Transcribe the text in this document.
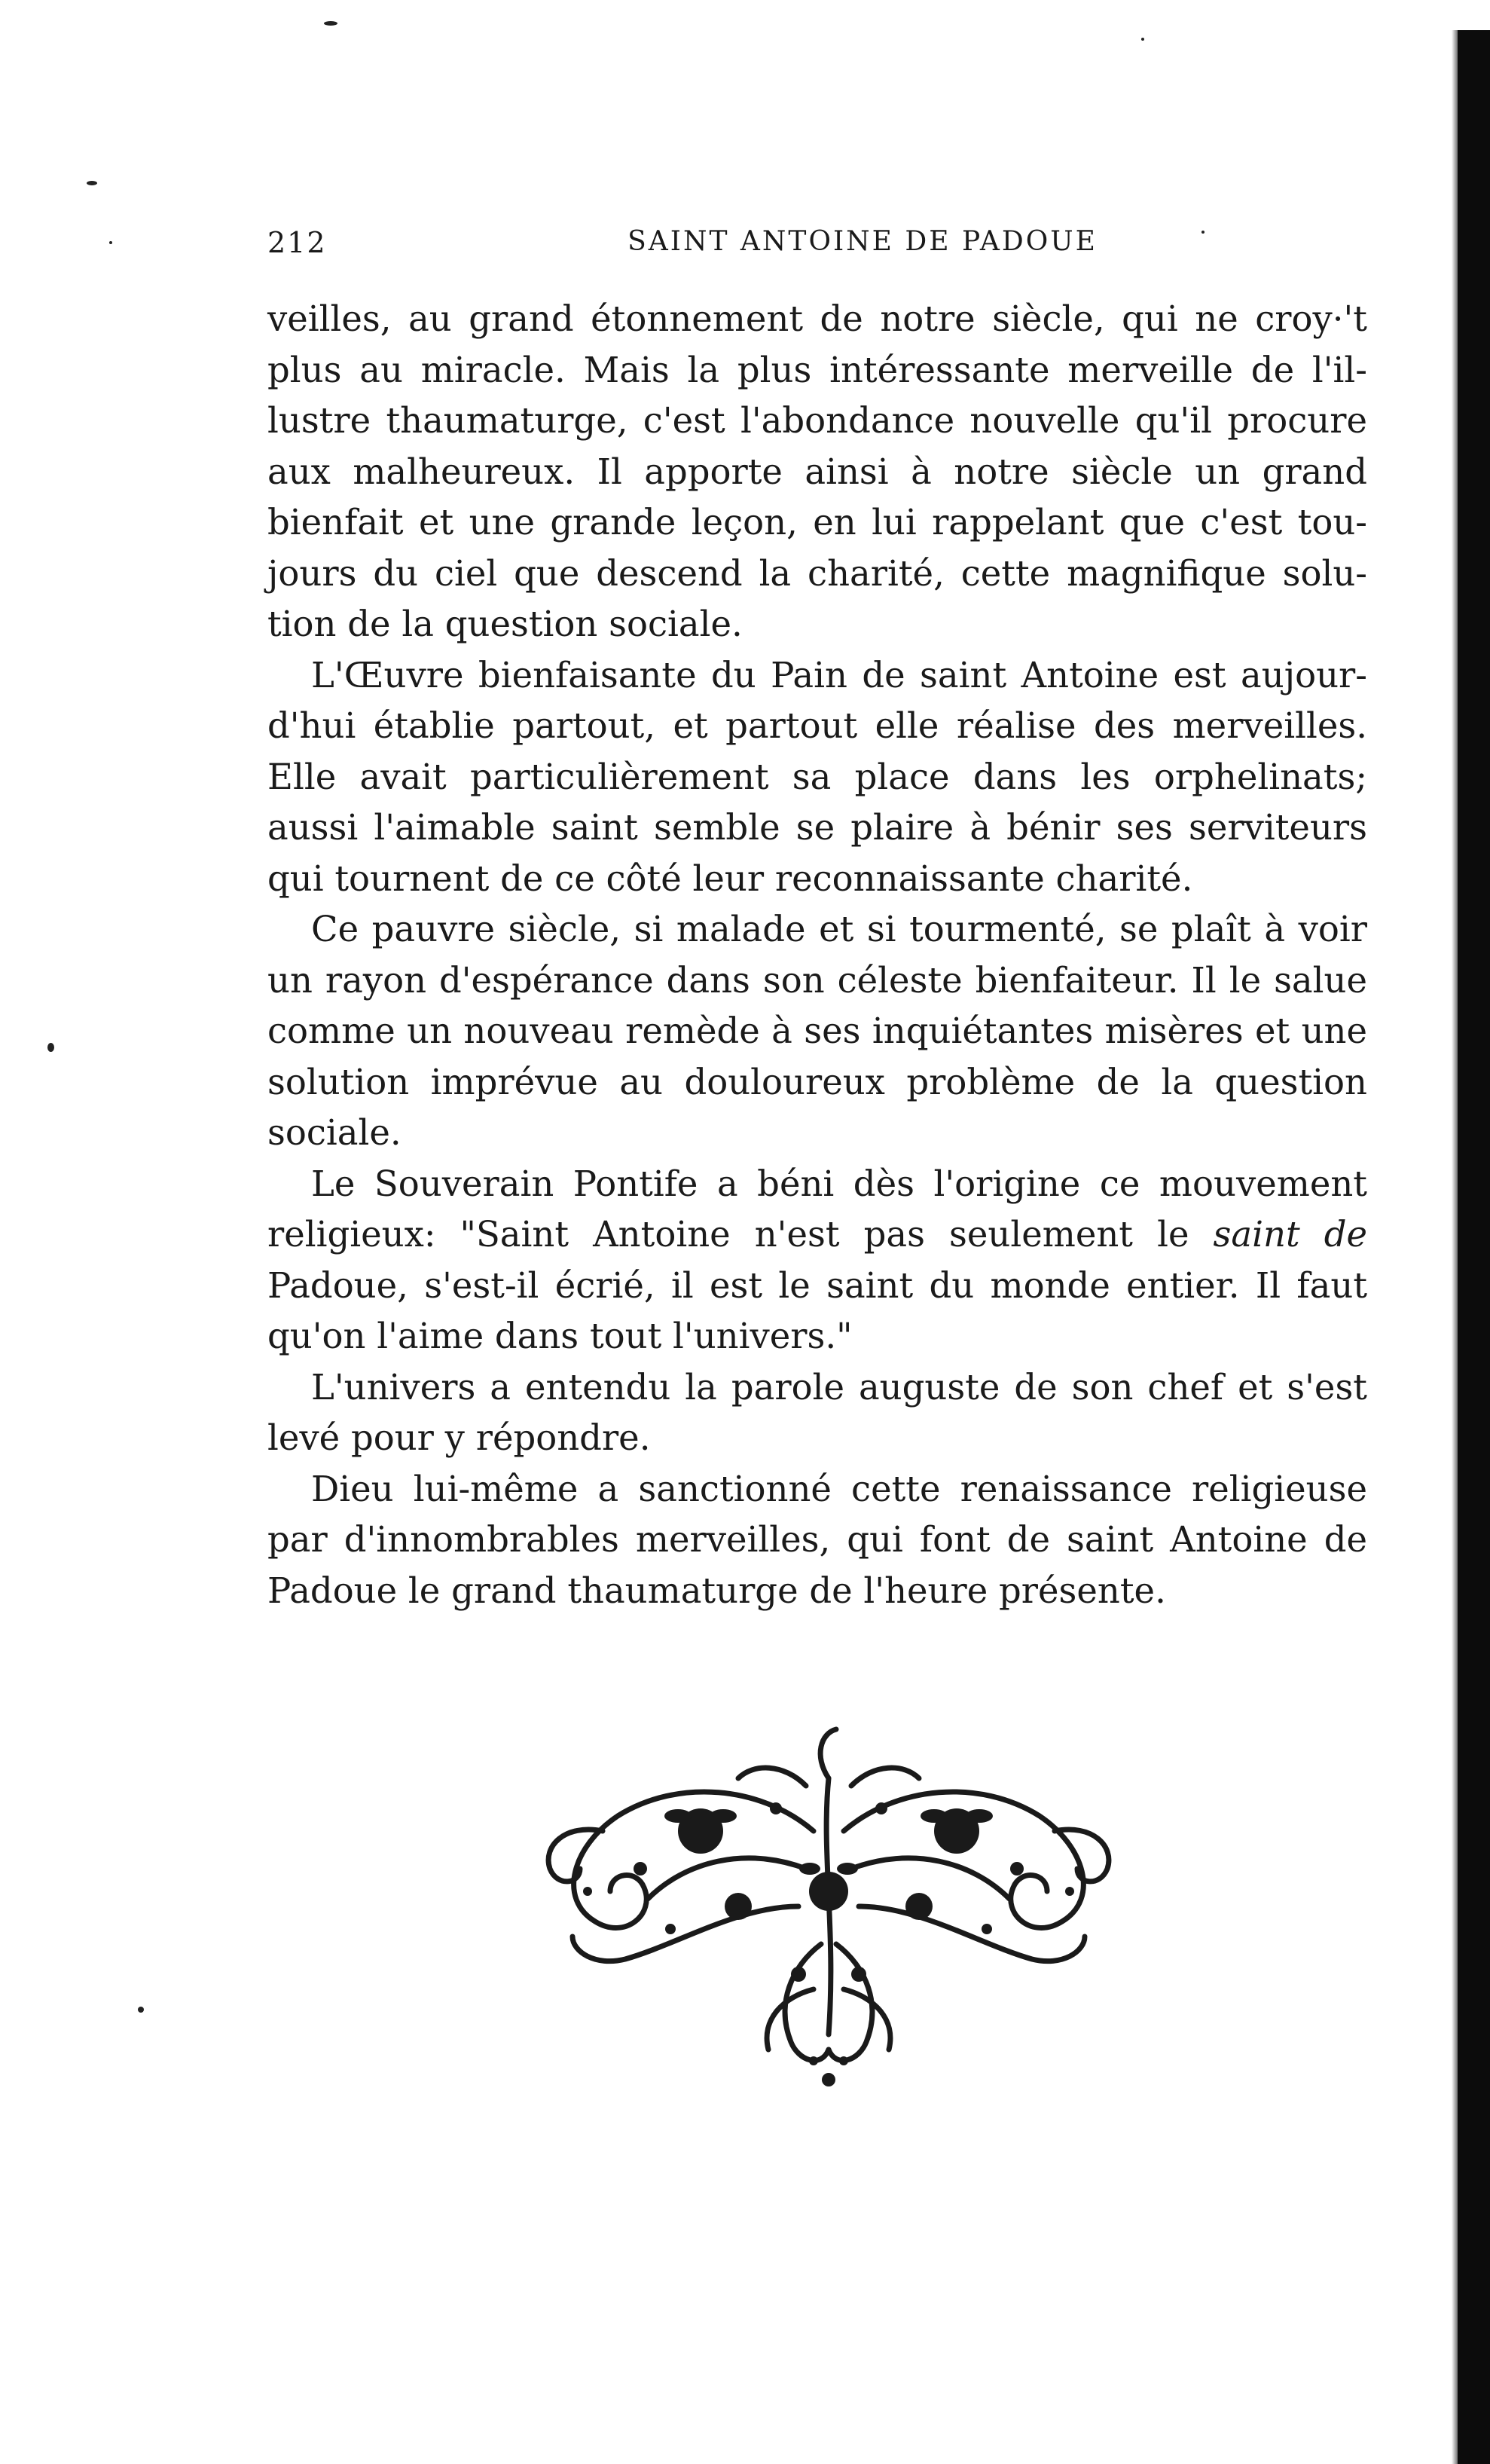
212	SAINT ANTOINE DE PADOUE

veilles, au grand étonnement de notre siècle, qui ne croy·'t plus au miracle. Mais la plus intéressante merveille de l'il-lustre thaumaturge, c'est l'abondance nouvelle qu'il procure aux malheureux. Il apporte ainsi à notre siècle un grand bienfait et une grande leçon, en lui rappelant que c'est tou-jours du ciel que descend la charité, cette magnifique solu-tion de la question sociale.

L'Œuvre bienfaisante du Pain de saint Antoine est aujour-d'hui établie partout, et partout elle réalise des merveilles. Elle avait particulièrement sa place dans les orphelinats; aussi l'aimable saint semble se plaire à bénir ses serviteurs qui tournent de ce côté leur reconnaissante charité.

Ce pauvre siècle, si malade et si tourmenté, se plaît à voir un rayon d'espérance dans son céleste bienfaiteur. Il le salue comme un nouveau remède à ses inquiétantes misères et une solution imprévue au douloureux problème de la question sociale.

Le Souverain Pontife a béni dès l'origine ce mouvement religieux: "Saint Antoine n'est pas seulement le saint de Padoue, s'est-il écrié, il est le saint du monde entier. Il faut qu'on l'aime dans tout l'univers."

L'univers a entendu la parole auguste de son chef et s'est levé pour y répondre.

Dieu lui-même a sanctionné cette renaissance religieuse par d'innombrables merveilles, qui font de saint Antoine de Padoue le grand thaumaturge de l'heure présente.
